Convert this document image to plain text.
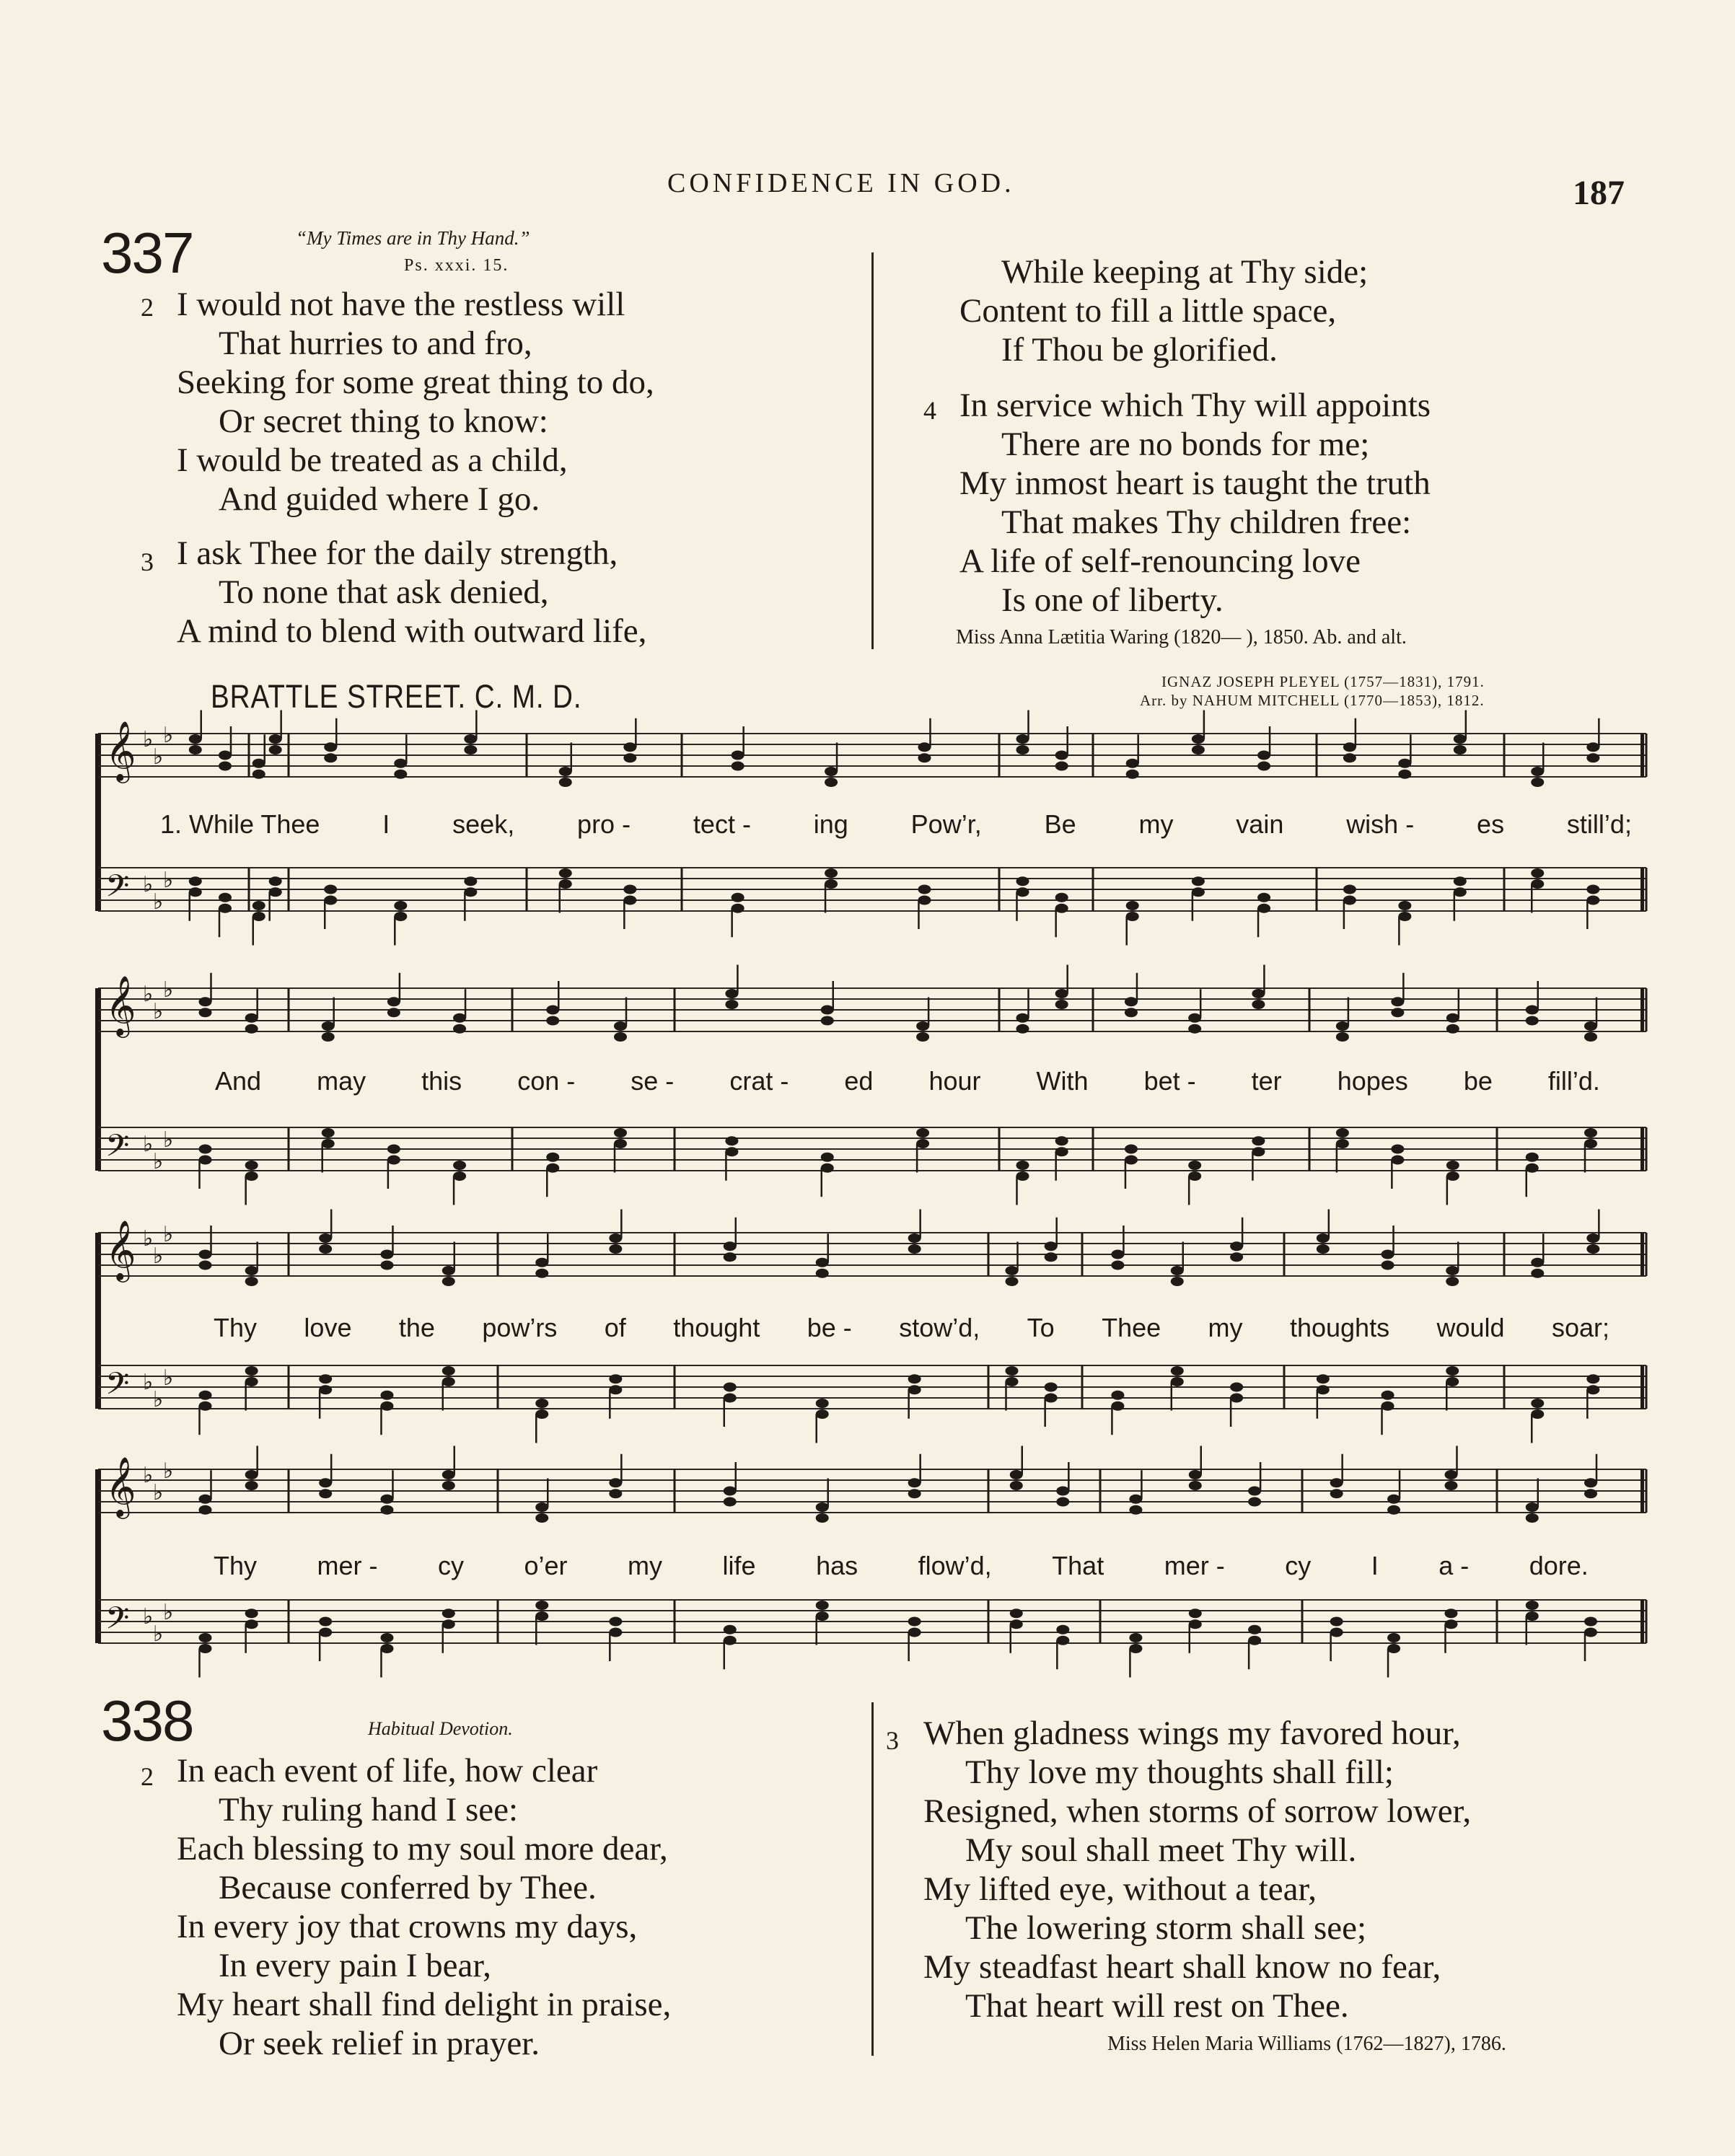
CONFIDENCE IN GOD.	187
337	“My Times are in Thy Hand.”
Ps. xxxi. 15.
2 I would not have the restless will
That hurries to and fro,
Seeking for some great thing to do,
Or secret thing to know:
I would be treated as a child,
And guided where I go.
3 I ask Thee for the daily strength,
To none that ask denied,
A mind to blend with outward life,
While keeping at Thy side;
Content to fill a little space,
If Thou be glorified.
4 In service which Thy will appoints
There are no bonds for me;
My inmost heart is taught the truth
That makes Thy children free:
A life of self-renouncing love
Is one of liberty.
Miss Anna Lætitia Waring (1820— ), 1850. Ab. and alt.
BRATTLE STREET. C. M. D.	IGNAZ JOSEPH PLEYEL (1757—1831), 1791.
Arr. by NAHUM MITCHELL (1770—1853), 1812.
𝄞 ♭
♭
♭
𝄢 ♭
♭
♭
𝄞 ♭
♭
♭
𝄢 ♭
♭
♭
𝄞 ♭
♭
♭
𝄢 ♭
♭
♭
𝄞 ♭
♭
♭
𝄢 ♭
♭
♭
1. While Thee I seek, pro - tect - ing Pow’r, Be my vain wish - es still’d;
And may this con - se - crat - ed hour With bet - ter hopes be fill’d.
Thy love the pow’rs of thought be - stow’d, To Thee my thoughts would soar;
Thy mer - cy o’er my life has flow’d, That mer - cy I a - dore.
338	Habitual Devotion.
2 In each event of life, how clear
Thy ruling hand I see:
Each blessing to my soul more dear,
Because conferred by Thee.
In every joy that crowns my days,
In every pain I bear,
My heart shall find delight in praise,
Or seek relief in prayer.
3 When gladness wings my favored hour,
Thy love my thoughts shall fill;
Resigned, when storms of sorrow lower,
My soul shall meet Thy will.
My lifted eye, without a tear,
The lowering storm shall see;
My steadfast heart shall know no fear,
That heart will rest on Thee.
Miss Helen Maria Williams (1762—1827), 1786.
